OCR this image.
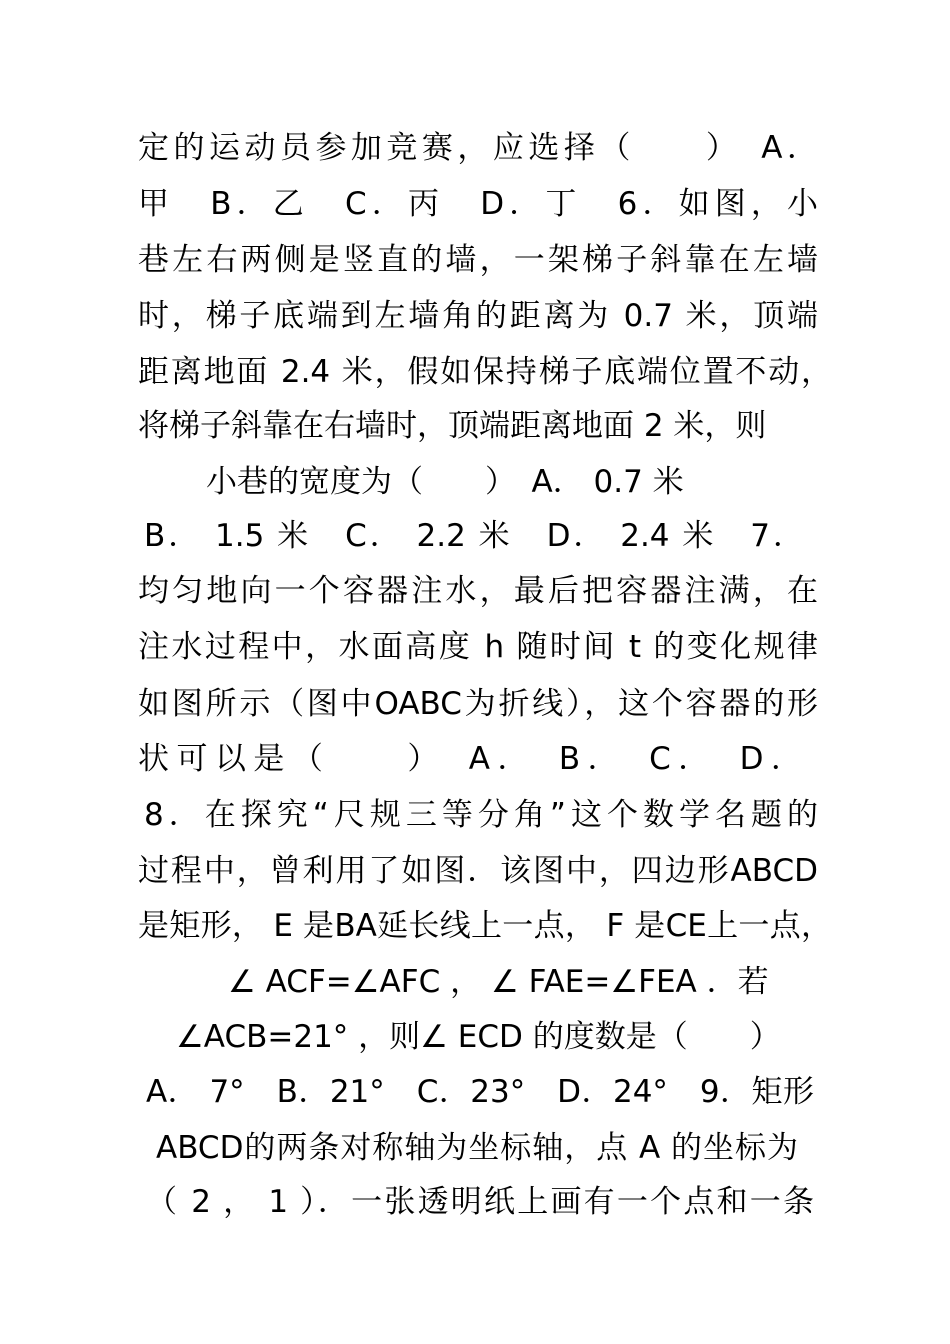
定的运动员参加竞赛，应选择（　　）　A．
甲　B．乙　C．丙　D．丁　6．如图，小
巷左右两侧是竖直的墙，一架梯子斜靠在左墙
时，梯子底端到左墙角的距离为 0.7 米，顶端
距离地面 2.4 米，假如保持梯子底端位置不动，
将梯子斜靠在右墙时，顶端距离地面 2 米，则
小巷的宽度为（　　）　A． 0.7 米
B． 1.5 米　C． 2.2 米　D． 2.4 米　7．
均匀地向一个容器注水，最后把容器注满，在
注水过程中，水面高度 h 随时间 t 的变化规律
如图所示（图中OABC为折线），这个容器的形
状可以是（　　）　A．　B．　C．　D．
8．在探究“尺规三等分角”这个数学名题的
过程中，曾利用了如图．该图中，四边形ABCD
是矩形， E 是BA延长线上一点， F 是CE上一点，
∠ ACF=∠AFC ， ∠ FAE=∠FEA ．若
∠ACB=21° ，则∠ ECD 的度数是（　　）
A． 7°　B．21°　C．23°　D．24°　9．矩形
ABCD的两条对称轴为坐标轴，点 A 的坐标为
（ 2 ， 1 ）．一张透明纸上画有一个点和一条
